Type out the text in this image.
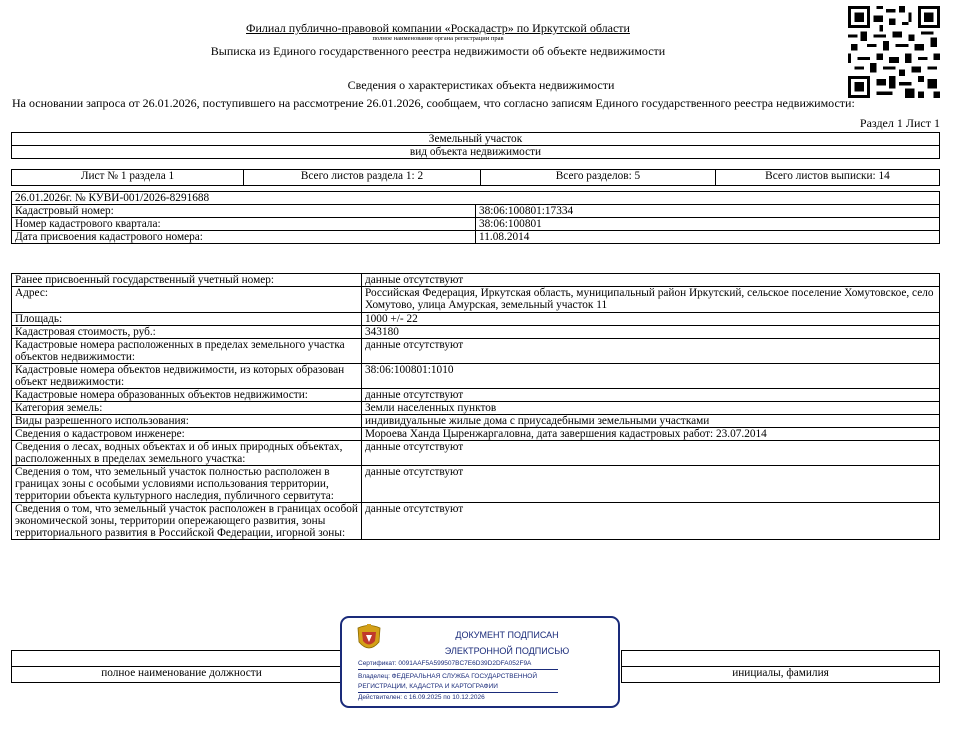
Филиал публично-правовой компании «Роскадастр» по Иркутской области
полное наименование органа регистрации прав
Выписка из Единого государственного реестра недвижимости об объекте недвижимости
Сведения о характеристиках объекта недвижимости
На основании запроса от 26.01.2026, поступившего на рассмотрение 26.01.2026, сообщаем, что согласно записям Единого государственного реестра недвижимости:
Раздел 1 Лист 1
Земельный участок
вид объекта недвижимости
Лист № 1 раздела 1	Всего листов раздела 1: 2	Всего разделов: 5	Всего листов выписки: 14
26.01.2026г. № КУВИ-001/2026-8291688	
Кадастровый номер:	38:06:100801:17334
Номер кадастрового квартала:	38:06:100801
Дата присвоения кадастрового номера:	11.08.2014
Ранее присвоенный государственный учетный номер:	данные отсутствуют
Адрес:	Российская Федерация, Иркутская область, муниципальный район Иркутский, сельское поселение Хомутовское, село Хомутово, улица Амурская, земельный участок 11
Площадь:	1000 +/- 22
Кадастровая стоимость, руб.:	343180
Кадастровые номера расположенных в пределах земельного участка объектов недвижимости:	данные отсутствуют
Кадастровые номера объектов недвижимости, из которых образован объект недвижимости:	38:06:100801:1010
Кадастровые номера образованных объектов недвижимости:	данные отсутствуют
Категория земель:	Земли населенных пунктов
Виды разрешенного использования:	индивидуальные жилые дома с приусадебными земельными участками
Сведения о кадастровом инженере:	Мороева Ханда Цыренжаргаловна, дата завершения кадастровых работ: 23.07.2014
Сведения о лесах, водных объектах и об иных природных объектах, расположенных в пределах земельного участка:	данные отсутствуют
Сведения о том, что земельный участок полностью расположен в границах зоны с особыми условиями использования территории, территории объекта культурного наследия, публичного сервитута:	данные отсутствуют
Сведения о том, что земельный участок расположен в границах особой экономической зоны, территории опережающего развития, зоны территориального развития в Российской Федерации, игорной зоны:	данные отсутствуют

полное наименование должности		инициалы, фамилия
ДОКУМЕНТ ПОДПИСАН
ЭЛЕКТРОННОЙ ПОДПИСЬЮ
Сертификат: 0091AAF5A599507BC7E6D39D2DFA052F9A
Владелец: ФЕДЕРАЛЬНАЯ СЛУЖБА ГОСУДАРСТВЕННОЙ РЕГИСТРАЦИИ, КАДАСТРА И КАРТОГРАФИИ
Действителен: с 16.09.2025 по 10.12.2026
